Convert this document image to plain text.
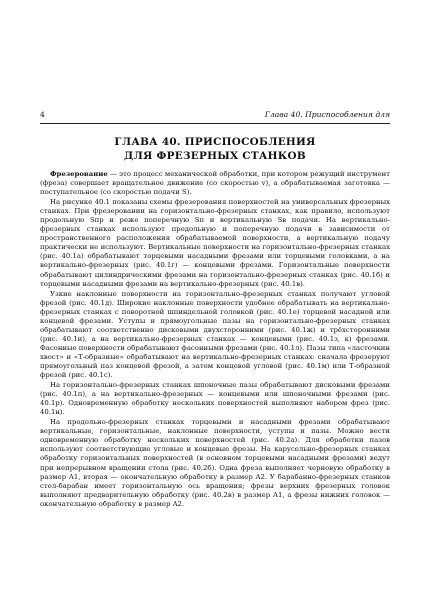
4	Глава 40. Приспособления для
ГЛАВА 40. ПРИСПОСОБЛЕНИЯ
ДЛЯ ФРЕЗЕРНЫХ СТАНКОВ

Фрезерование — это процесс механической обработки, при котором режущий инструмент (фреза) совершает вращательное движение (со скоростью v), а обрабатываемая заготовка — поступательное (со скоростью подачи S).

На рисунке 40.1 показаны схемы фрезерования поверхностей на универсальных фрезерных станках. При фрезеровании на горизонтально-фрезерных станках, как правило, используют продольную Sпр и реже поперечную Sп и вертикальную Sв подачи. На вертикально-фрезерных станках используют продольную и поперечную подачи в зависимости от пространственного расположения обрабатываемой поверхности, а вертикальную подачу практически не используют. Вертикальные поверхности на горизонтально-фрезерных станках (рис. 40.1а) обрабатывают торцевыми насадными фрезами или торцевыми головками, а на вертикально-фрезерных (рис. 40.1г) — концевыми фрезами. Горизонтальные поверхности обрабатывают цилиндрическими фрезами на горизонтально-фрезерных станках (рис. 40.1б) и торцевыми насадными фрезами на вертикально-фрезерных (рис. 40.1в).

Узкие наклонные поверхности на горизонтально-фрезерных станках получают угловой фрезой (рис. 40.1д). Широкие наклонные поверхности удобнее обрабатывать на вертикально-фрезерных станках с поворотной шпиндельной головкой (рис. 40.1е) торцевой насадной или концевой фрезами. Уступы и прямоугольные пазы на горизонтально-фрезерных станках обрабатывают соответственно дисковыми двухсторонними (рис. 40.1ж) и трёхсторонними (рис. 40.1и), а на вертикально-фрезерных станках — концевыми (рис. 40.1з, к) фрезами. Фасонные поверхности обрабатывают фасонными фрезами (рис. 40.1л). Пазы типа «ласточкин хвост» и «Т-образные» обрабатывают на вертикально-фрезерных станках: сначала фрезеруют прямоугольный паз концевой фрезой, а затем концевой угловой (рис. 40.1м) или Т-образной фрезой (рис. 40.1с).

На горизонтально-фрезерных станках шпоночные пазы обрабатывают дисковыми фрезами (рис. 40.1п), а на вертикально-фрезерных — концевыми или шпоночными фрезами (рис. 40.1р). Одновременную обработку нескольких поверхностей выполняют набором фрез (рис. 40.1н).

На продольно-фрезерных станках торцевыми и насадными фрезами обрабатывают вертикальные, горизонтальные, наклонные поверхности, уступы и пазы. Можно вести одновременную обработку нескольких поверхностей (рис. 40.2а). Для обработки пазов используют соответствующие угловые и концевые фрезы. На карусельно-фрезерных станках обработку горизонтальных поверхностей (в основном торцевыми насадными фрезами) ведут при непрерывном вращении стола (рис. 40.2б). Одна фреза выполняет черновую обработку в размер A1, вторая — окончательную обработку в размер A2. У барабанно-фрезерных станков стол-барабан имеет горизонтальную ось вращения; фрезы верхних фрезерных головок выполняют предварительную обработку (рис. 40.2в) в размер A1, а фрезы нижних головок — окончательную обработку в размер A2.
